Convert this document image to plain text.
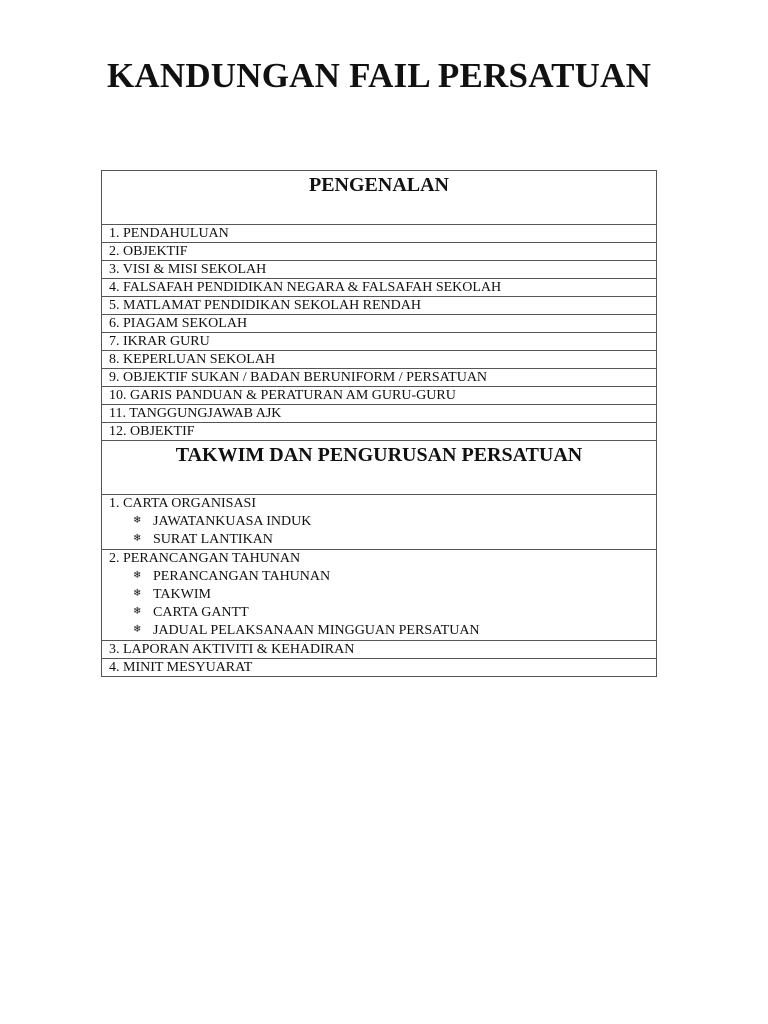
KANDUNGAN FAIL PERSATUAN
PENGENALAN

1. PENDAHULUAN

2. OBJEKTIF

3. VISI & MISI SEKOLAH

4. FALSAFAH PENDIDIKAN NEGARA & FALSAFAH SEKOLAH

5. MATLAMAT PENDIDIKAN SEKOLAH RENDAH

6. PIAGAM SEKOLAH

7. IKRAR GURU

8. KEPERLUAN SEKOLAH

9. OBJEKTIF SUKAN / BADAN BERUNIFORM / PERSATUAN

10. GARIS PANDUAN & PERATURAN AM GURU-GURU

11. TANGGUNGJAWAB AJK

12. OBJEKTIF

TAKWIM DAN PENGURUSAN PERSATUAN

1. CARTA ORGANISASI
❄ JAWATANKUASA INDUK
❄ SURAT LANTIKAN

2. PERANCANGAN TAHUNAN
❄ PERANCANGAN TAHUNAN
❄ TAKWIM
❄ CARTA GANTT
❄ JADUAL PELAKSANAAN MINGGUAN PERSATUAN

3. LAPORAN AKTIVITI & KEHADIRAN

4. MINIT MESYUARAT
